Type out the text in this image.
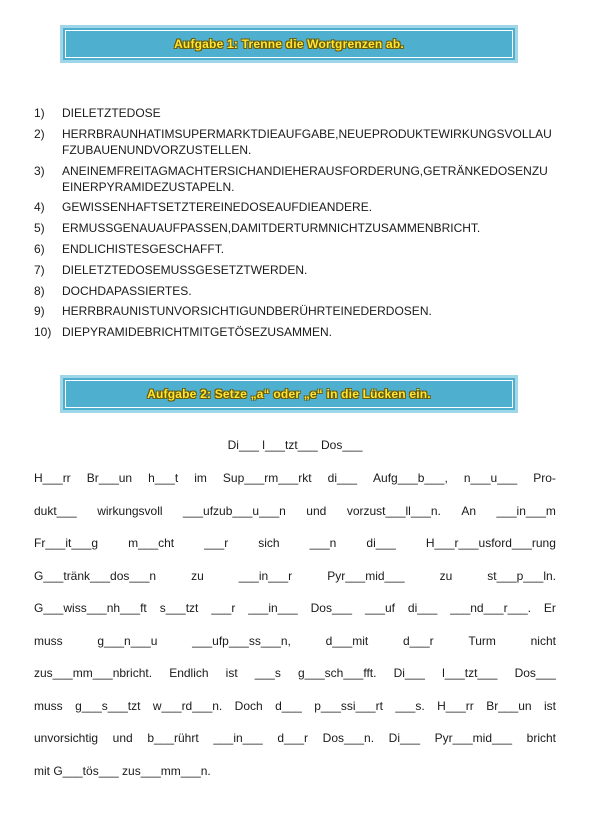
Aufgabe 1: Trenne die Wortgrenzen ab.
1)	DIELETZTEDOSE
2)	HERRBRAUNHATIMSUPERMARKTDIEAUFGABE,NEUEPRODUKTEWIRKUNGSVOLLAUFZUBAUENUNDVORZUSTELLEN.
3)	ANEINEMFREITAGMACHTERSICHANDIEHERAUSFORDERUNG,GETRÄNKEDOSENZUEINERPYRAMIDEZUSTAPELN.
4)	GEWISSENHAFTSETZTEREINEDOSEAUFDIEANDERE.
5)	ERMUSSGENAUAUFPASSEN,DAMITDERTURMNICHTZUSAMMENBRICHT.
6)	ENDLICHISTESGESCHAFFT.
7)	DIELETZTEDOSEMUSSGESETZTWERDEN.
8)	DOCHDAPASSIERTES.
9)	HERRBRAUNISTUNVORSICHTIGUNDBERÜHRTEINEDERDOSEN.
10) DIEPYRAMIDEBRICHTMITGETÖSEZUSAMMEN.
Aufgabe 2: Setze „a“ oder „e“ in die Lücken ein.
Di___ l___tzt___ Dos___
H___rr Br___un h___t im Sup___rm___rkt di___ Aufg___b___, n___u___ Pro-
dukt___ wirkungsvoll ___ufzub___u___n und vorzust___ll___n. An ___in___m
Fr___it___g	m___cht	___r	sich	___n	di___	H___r___usford___rung
G___tränk___dos___n	zu	___in___r	Pyr___mid___	zu	st___p___ln.
G___wiss___nh___ft s___tzt ___r ___in___ Dos___ ___uf di___ ___nd___r___. Er
muss	g___n___u	___ufp___ss___n,	d___mit	d___r	Turm	nicht
zus___mm___nbricht. Endlich ist ___s g___sch___fft. Di___ l___tzt___ Dos___
muss g___s___tzt w___rd___n. Doch d___ p___ssi___rt ___s. H___rr Br___un ist
unvorsichtig und b___rührt ___in___ d___r Dos___n. Di___ Pyr___mid___ bricht
mit G___tös___ zus___mm___n.
